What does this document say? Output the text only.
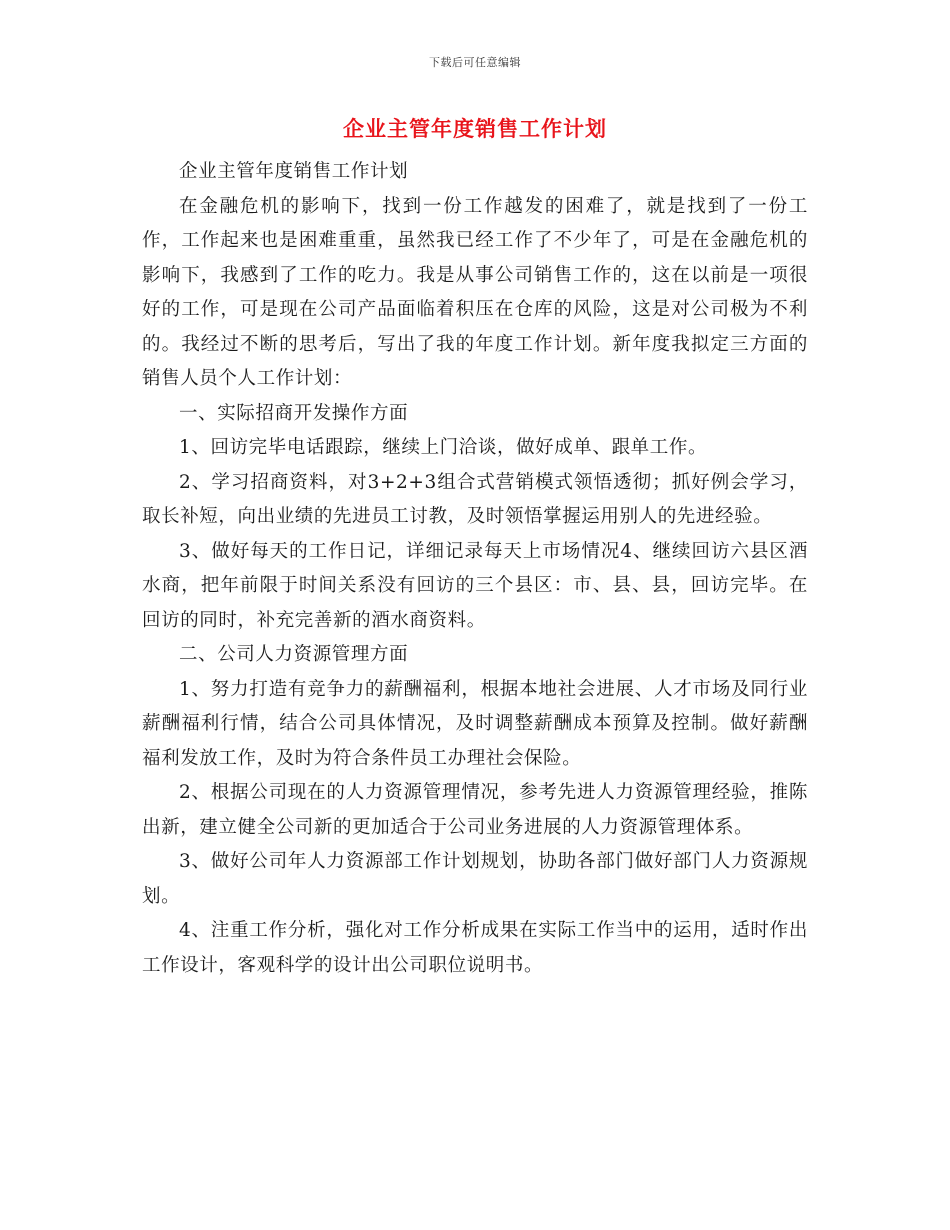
下载后可任意编辑
企业主管年度销售工作计划

企业主管年度销售工作计划

在金融危机的影响下，找到一份工作越发的困难了，就是找到了一份工作，工作起来也是困难重重，虽然我已经工作了不少年了，可是在金融危机的影响下，我感到了工作的吃力。我是从事公司销售工作的，这在以前是一项很好的工作，可是现在公司产品面临着积压在仓库的风险，这是对公司极为不利的。我经过不断的思考后，写出了我的年度工作计划。新年度我拟定三方面的销售人员个人工作计划：

一、实际招商开发操作方面

1、回访完毕电话跟踪，继续上门洽谈，做好成单、跟单工作。

2、学习招商资料，对3+2+3组合式营销模式领悟透彻；抓好例会学习，取长补短，向出业绩的先进员工讨教，及时领悟掌握运用别人的先进经验。

3、做好每天的工作日记，详细记录每天上市场情况4、继续回访六县区酒水商，把年前限于时间关系没有回访的三个县区：市、县、县，回访完毕。在回访的同时，补充完善新的酒水商资料。

二、公司人力资源管理方面

1、努力打造有竞争力的薪酬福利，根据本地社会进展、人才市场及同行业薪酬福利行情，结合公司具体情况，及时调整薪酬成本预算及控制。做好薪酬福利发放工作，及时为符合条件员工办理社会保险。

2、根据公司现在的人力资源管理情况，参考先进人力资源管理经验，推陈出新，建立健全公司新的更加适合于公司业务进展的人力资源管理体系。

3、做好公司年人力资源部工作计划规划，协助各部门做好部门人力资源规划。

4、注重工作分析，强化对工作分析成果在实际工作当中的运用，适时作出工作设计，客观科学的设计出公司职位说明书。
